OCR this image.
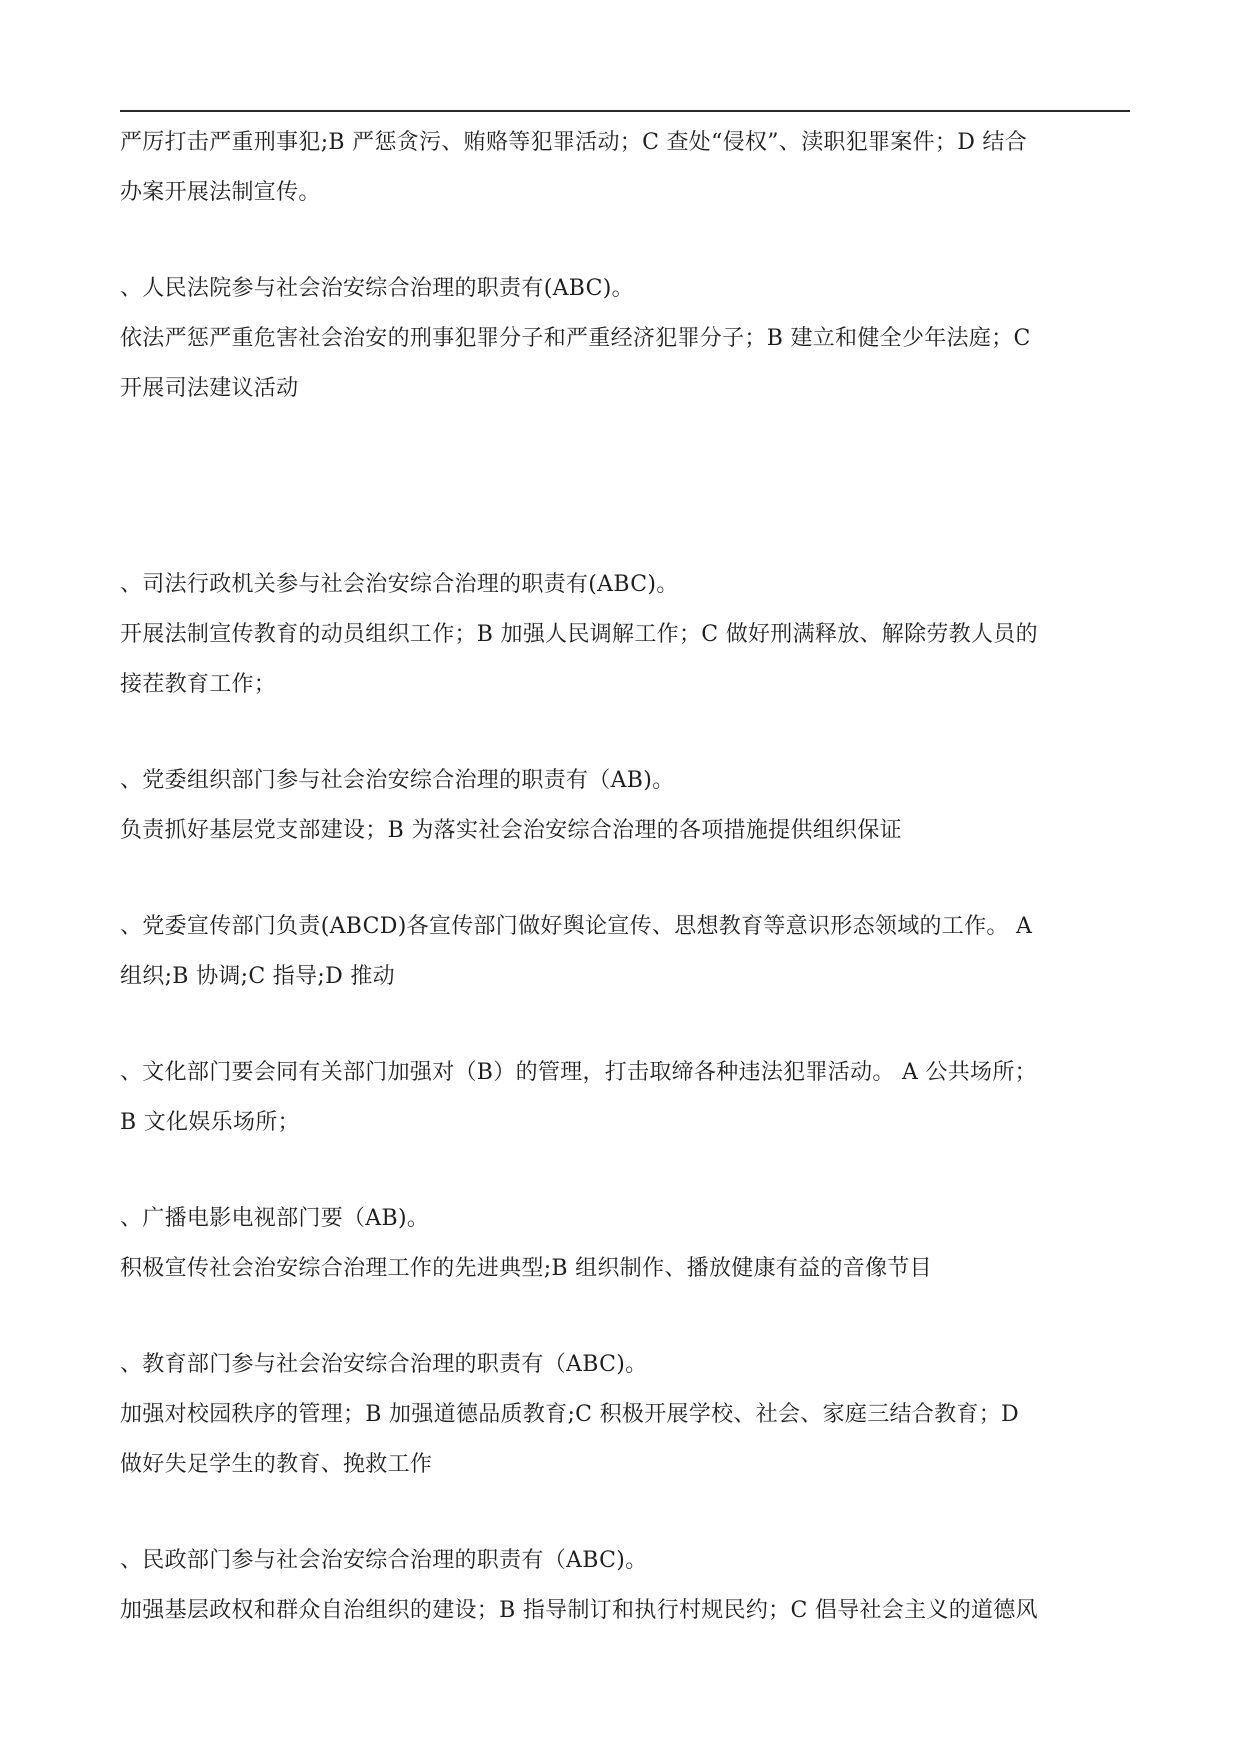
严厉打击严重刑事犯;B 严惩贪污、贿赂等犯罪活动；C 查处“侵权”、渎职犯罪案件；D 结合
办案开展法制宣传。
、人民法院参与社会治安综合治理的职责有(ABC)。
依法严惩严重危害社会治安的刑事犯罪分子和严重经济犯罪分子；B 建立和健全少年法庭；C
开展司法建议活动
、司法行政机关参与社会治安综合治理的职责有(ABC)。
开展法制宣传教育的动员组织工作；B 加强人民调解工作；C 做好刑满释放、解除劳教人员的
接茬教育工作；
、党委组织部门参与社会治安综合治理的职责有（AB)。
负责抓好基层党支部建设；B 为落实社会治安综合治理的各项措施提供组织保证
、党委宣传部门负责(ABCD)各宣传部门做好舆论宣传、思想教育等意识形态领域的工作。 A
组织;B 协调;C 指导;D 推动
、文化部门要会同有关部门加强对（B）的管理，打击取缔各种违法犯罪活动。 A 公共场所；
B 文化娱乐场所；
、广播电影电视部门要（AB)。
积极宣传社会治安综合治理工作的先进典型;B 组织制作、播放健康有益的音像节目
、教育部门参与社会治安综合治理的职责有（ABC)。
加强对校园秩序的管理；B 加强道德品质教育;C 积极开展学校、社会、家庭三结合教育；D
做好失足学生的教育、挽救工作
、民政部门参与社会治安综合治理的职责有（ABC)。
加强基层政权和群众自治组织的建设；B 指导制订和执行村规民约；C 倡导社会主义的道德风
